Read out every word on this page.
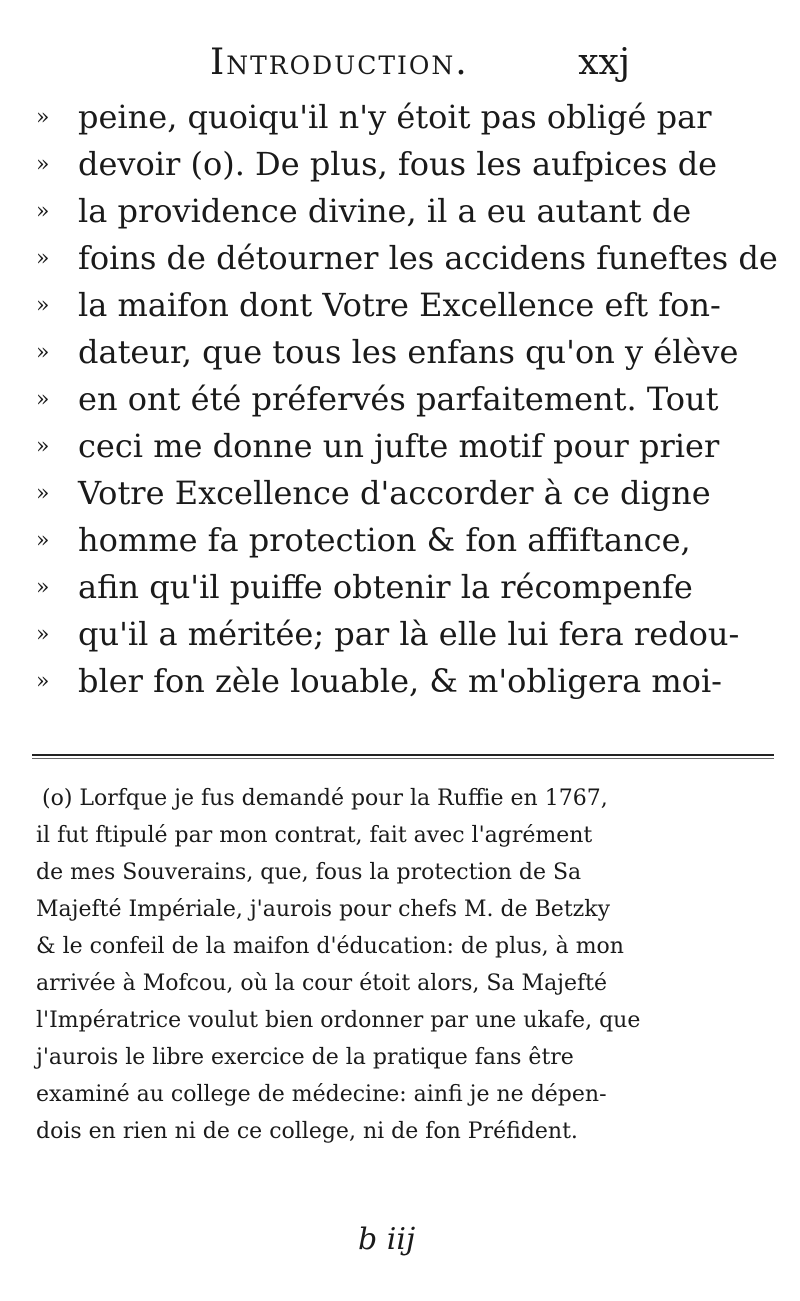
Introduction.	xxj
» peine, quoiqu'il n'y étoit pas obligé par
» devoir (o). De plus, fous les aufpices de
» la providence divine, il a eu autant de
» foins de détourner les accidens funeftes de
» la maifon dont Votre Excellence eft fon-
» dateur, que tous les enfans qu'on y élève
» en ont été préfervés parfaitement. Tout
» ceci me donne un jufte motif pour prier
» Votre Excellence d'accorder à ce digne
» homme fa protection & fon affiftance,
» afin qu'il puiffe obtenir la récompenfe
» qu'il a méritée; par là elle lui fera redou-
» bler fon zèle louable, & m'obligera moi-
(o) Lorfque je fus demandé pour la Ruffie en 1767,
il fut ftipulé par mon contrat, fait avec l'agrément
de mes Souverains, que, fous la protection de Sa
Majefté Impériale, j'aurois pour chefs M. de Betzky
& le confeil de la maifon d'éducation: de plus, à mon
arrivée à Mofcou, où la cour étoit alors, Sa Majefté
l'Impératrice voulut bien ordonner par une ukafe, que
j'aurois le libre exercice de la pratique fans être
examiné au college de médecine: ainfi je ne dépen-
dois en rien ni de ce college, ni de fon Préfident.
b iij
